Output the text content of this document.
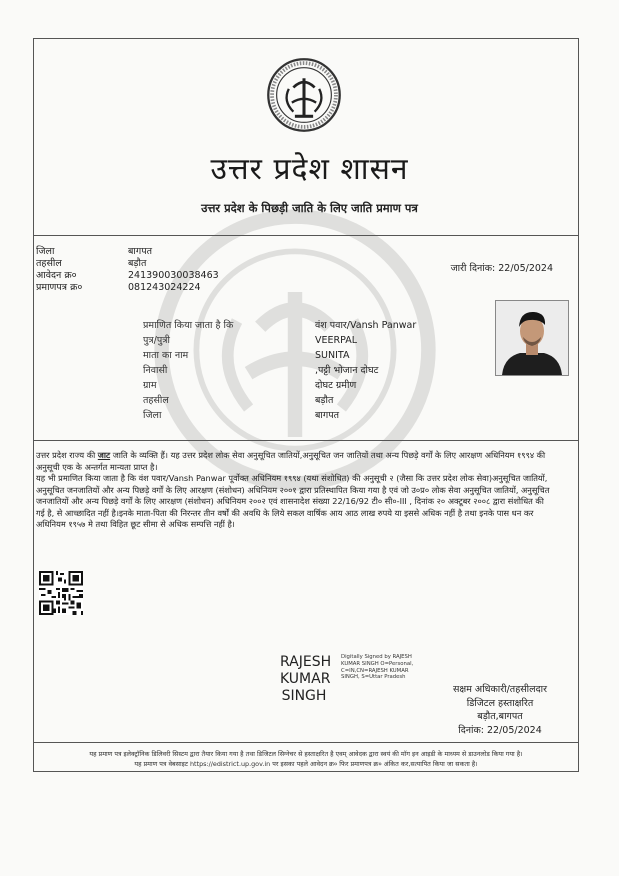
उत्तर प्रदेश शासन
उत्तर प्रदेश के पिछड़ी जाति के लिए जाति प्रमाण पत्र
जिला	बागपत
तहसील	बड़ौत
आवेदन क्र०	241390030038463
प्रमाणपत्र क्र०	081243024224
जारी दिनांक: 22/05/2024
प्रमाणित किया जाता है कि	वंश पवार/Vansh Panwar
पुत्र/पुत्री	VEERPAL
माता का नाम	SUNITA
निवासी	,पट्टी भोजान दोघट
ग्राम	दोघट ग्रमीण
तहसील	बड़ौत
जिला	बागपत
उत्तर प्रदेश राज्य की जाट जाति के व्यक्ति हैं। यह उत्तर प्रदेश लोक सेवा अनुसूचित जातियों,अनुसूचित जन जातियों तथा अन्य पिछड़े वर्गों के लिए आरक्षण अधिनियम १९९४ की अनुसूची एक के अन्तर्गत मान्यता प्राप्त है।
यह भी प्रमाणित किया जाता है कि वंश पवार/Vansh Panwar पूर्वोक्त अधिनियम १९९४ (यथा संशोधित) की अनुसूची २ (जैसा कि उत्तर प्रदेश लोक सेवा)अनुसूचित जातियों, अनुसूचित जनजातियों और अन्य पिछड़े वर्गों के लिए आरक्षण (संशोधन) अधिनियम २००१ द्वारा प्रतिस्थापित किया गया है एवं जो उ०प्र० लोक सेवा अनुसूचित जातियों, अनुसूचित जनजातियों और अन्य पिछड़े वर्गों के लिए आरक्षण (संशोधन) अधिनियम २००२ एवं शासनादेश संख्या 22/16/92 टी० सी०-III , दिनांक २० अक्टूबर २००८ द्वारा संशोधित की गई है, से आच्छादित नहीं है।इनके माता-पिता की निरन्तर तीन वर्षों की अवधि के लिये सकल वार्षिक आय आठ लाख रुपये या इससे अधिक नहीं है तथा इनके पास धन कर अधिनियम १९५७ मे तथा विहित छूट सीमा से अधिक सम्पत्ति नहीं है।
RAJESH KUMAR SINGH
Digitally Signed by RAJESH KUMAR SINGH O=Personal, C=IN,CN=RAJESH KUMAR SINGH, S=Uttar Pradesh
सक्षम अधिकारी/तहसीलदार
डिजिटल हस्ताक्षरित
बड़ौत,बागपत
दिनांक: 22/05/2024
यह प्रमाण पत्र इलेक्ट्रॉनिक डिलिवरी सिस्टम द्वारा तैयार किया गया है तथा डिजिटल सिग्नेचर से हस्ताक्षरित है एवम् आवेदक द्वारा स्वयं की मॉग इन आइडी के माध्यम से डाउनलोड किया गया है।
यह प्रमाण पत्र वेबसाइट https://edistrict.up.gov.in पर इसका पहले आवेदन क्र० फिर प्रमाणपत्र क्र० अंकित कर,सत्यापित किया जा सकता है।
